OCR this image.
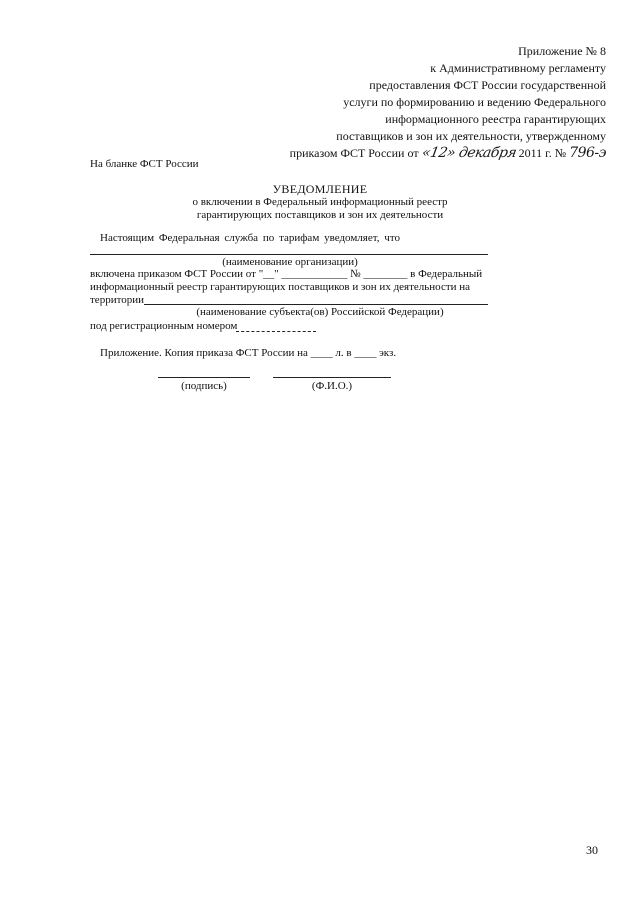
Приложение № 8
к Административному регламенту
предоставления ФСТ России государственной
услуги по формированию и ведению Федерального
информационного реестра гарантирующих
поставщиков и зон их деятельности, утвержденному
приказом ФСТ России от «12» декабря 2011 г. № 796-э
На бланке ФСТ России
УВЕДОМЛЕНИЕ
о включении в Федеральный информационный реестр
гарантирующих поставщиков и зон их деятельности
Настоящим Федеральная служба по тарифам уведомляет, что
(наименование организации)
включена приказом ФСТ России от "__" ____________ № ________ в Федеральный
информационный реестр гарантирующих поставщиков и зон их деятельности на
территории
(наименование субъекта(ов) Российской Федерации)
под регистрационным номером
Приложение. Копия приказа ФСТ России на ____ л. в ____ экз.
(подпись)	(Ф.И.О.)
30
